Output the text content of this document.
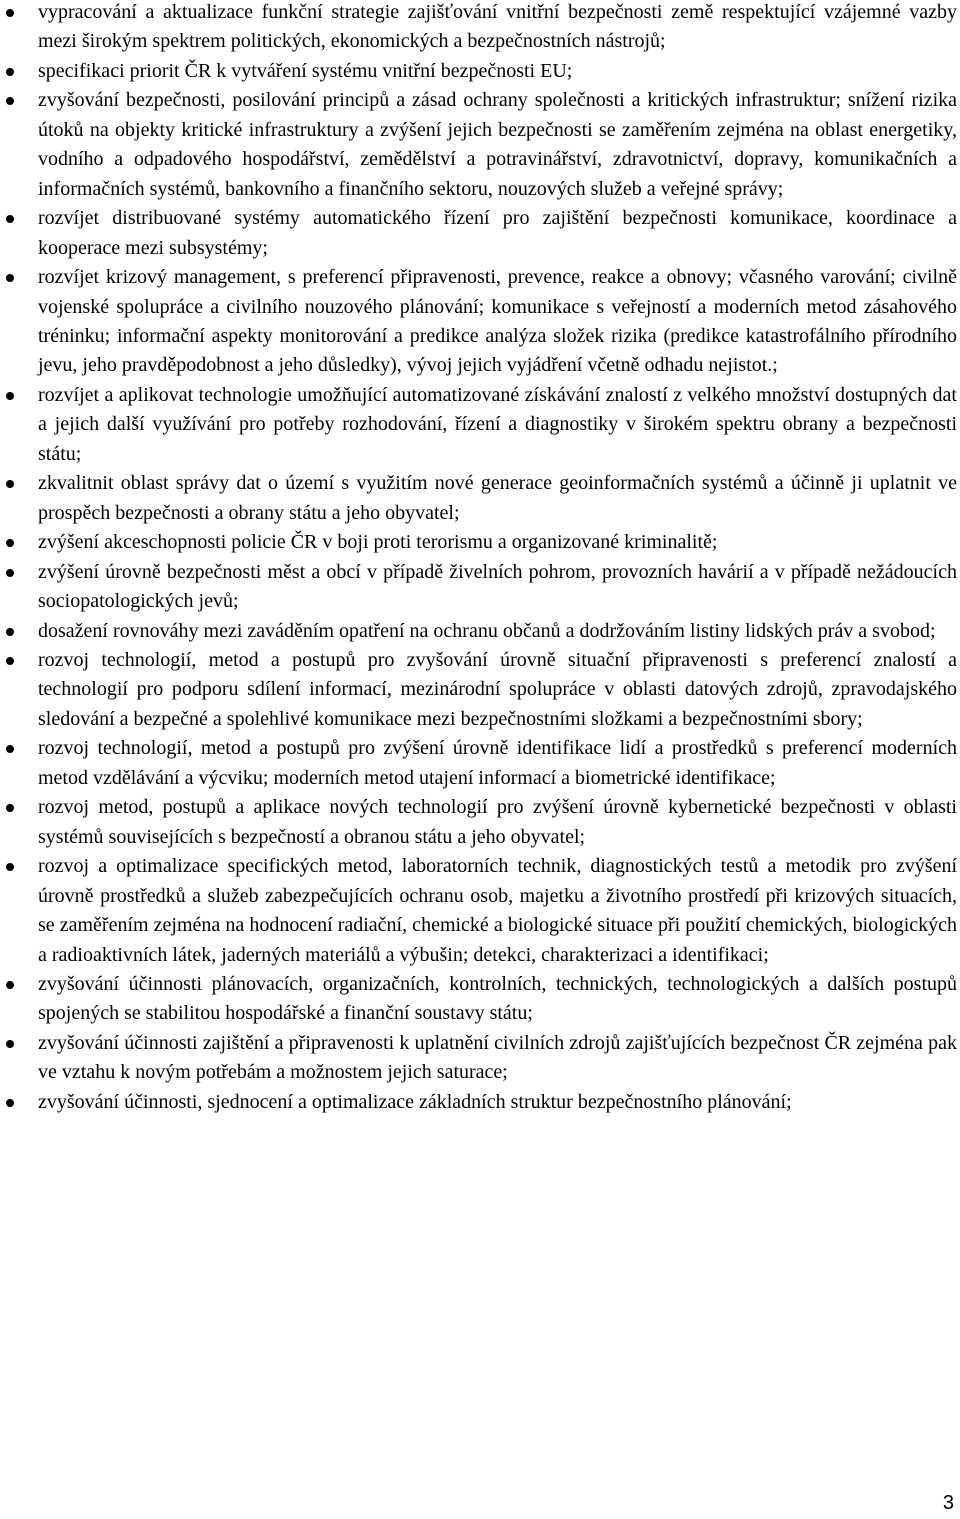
vypracování a aktualizace funkční strategie zajišťování vnitřní bezpečnosti země respektující vzájemné vazby mezi širokým spektrem politických, ekonomických a bezpečnostních nástrojů;
specifikaci priorit ČR k vytváření systému vnitřní bezpečnosti EU;
zvyšování bezpečnosti, posilování principů a zásad ochrany společnosti a kritických infrastruktur; snížení rizika útoků na objekty kritické infrastruktury a zvýšení jejich bezpečnosti se zaměřením zejména na oblast energetiky, vodního a odpadového hospodářství, zemědělství a potravinářství, zdravotnictví, dopravy, komunikačních a informačních systémů, bankovního a finančního sektoru, nouzových služeb a veřejné správy;
rozvíjet distribuované systémy automatického řízení pro zajištění bezpečnosti komunikace, koordinace a kooperace mezi subsystémy;
rozvíjet krizový management, s preferencí připravenosti, prevence, reakce a obnovy; včasného varování; civilně vojenské spolupráce a civilního nouzového plánování; komunikace s veřejností a moderních metod zásahového tréninku; informační aspekty monitorování a predikce analýza složek rizika (predikce katastrofálního přírodního jevu, jeho pravděpodobnost a jeho důsledky), vývoj jejich vyjádření včetně odhadu nejistot.;
rozvíjet a aplikovat technologie umožňující automatizované získávání znalostí z velkého množství dostupných dat a jejich další využívání pro potřeby rozhodování, řízení a diagnostiky v širokém spektru obrany a bezpečnosti státu;
zkvalitnit oblast správy dat o území s využitím nové generace geoinformačních systémů a účinně ji uplatnit ve prospěch bezpečnosti a obrany státu a jeho obyvatel;
zvýšení akceschopnosti policie ČR v boji proti terorismu a organizované kriminalitě;
zvýšení úrovně bezpečnosti měst a obcí v případě živelních pohrom, provozních havárií a v případě nežádoucích sociopatologických jevů;
dosažení rovnováhy mezi zaváděním opatření na ochranu občanů a dodržováním listiny lidských práv a svobod;
rozvoj technologií, metod a postupů pro zvyšování úrovně situační připravenosti s preferencí znalostí a technologií pro podporu sdílení informací, mezinárodní spolupráce v oblasti datových zdrojů, zpravodajského sledování a bezpečné a spolehlivé komunikace mezi bezpečnostními složkami a bezpečnostními sbory;
rozvoj technologií, metod a postupů pro zvýšení úrovně identifikace lidí a prostředků s preferencí moderních metod vzdělávání a výcviku; moderních metod utajení informací a biometrické identifikace;
rozvoj metod, postupů a aplikace nových technologií pro zvýšení úrovně kybernetické bezpečnosti v oblasti systémů souvisejících s bezpečností a obranou státu a jeho obyvatel;
rozvoj a optimalizace specifických metod, laboratorních technik, diagnostických testů a metodik pro zvýšení úrovně prostředků a služeb zabezpečujících ochranu osob, majetku a životního prostředí při krizových situacích, se zaměřením zejména na hodnocení radiační, chemické a biologické situace při použití chemických, biologických a radioaktivních látek, jaderných materiálů a výbušin; detekci, charakterizaci a identifikaci;
zvyšování účinnosti plánovacích, organizačních, kontrolních, technických, technologických a dalších postupů spojených se stabilitou hospodářské a finanční soustavy státu;
zvyšování účinnosti zajištění a připravenosti k uplatnění civilních zdrojů zajišťujících bezpečnost ČR zejména pak ve vztahu k novým potřebám a možnostem jejich saturace;
zvyšování účinnosti, sjednocení a optimalizace základních struktur bezpečnostního plánování;
3
